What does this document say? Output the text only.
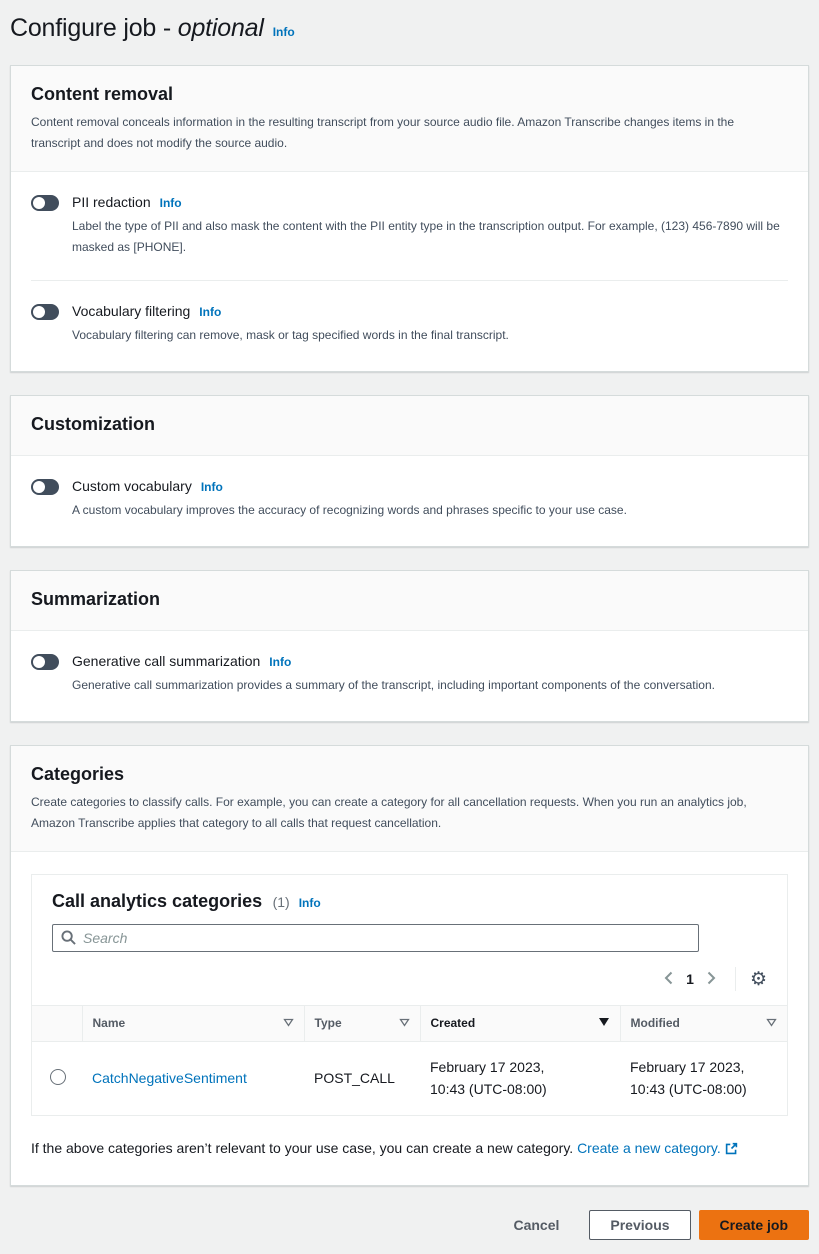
Configure job - optional Info
Content removal
Content removal conceals information in the resulting transcript from your source audio file. Amazon Transcribe changes items in the transcript and does not modify the source audio.
PII redaction Info
Label the type of PII and also mask the content with the PII entity type in the transcription output. For example, (123) 456-7890 will be masked as [PHONE].
Vocabulary filtering Info
Vocabulary filtering can remove, mask or tag specified words in the final transcript.
Customization
Custom vocabulary Info
A custom vocabulary improves the accuracy of recognizing words and phrases specific to your use case.
Summarization
Generative call summarization Info
Generative call summarization provides a summary of the transcript, including important components of the conversation.
Categories
Create categories to classify calls. For example, you can create a category for all cancellation requests. When you run an analytics job, Amazon Transcribe applies that category to all calls that request cancellation.
Call analytics categories (1) Info
Search
1	⚙

	Name	Type	Created	Modified

	CatchNegativeSentiment	POST_CALL	February 17 2023, 10:43 (UTC-08:00)	February 17 2023, 10:43 (UTC-08:00)
If the above categories aren’t relevant to your use case, you can create a new category. Create a new category.
Cancel	Previous	Create job
